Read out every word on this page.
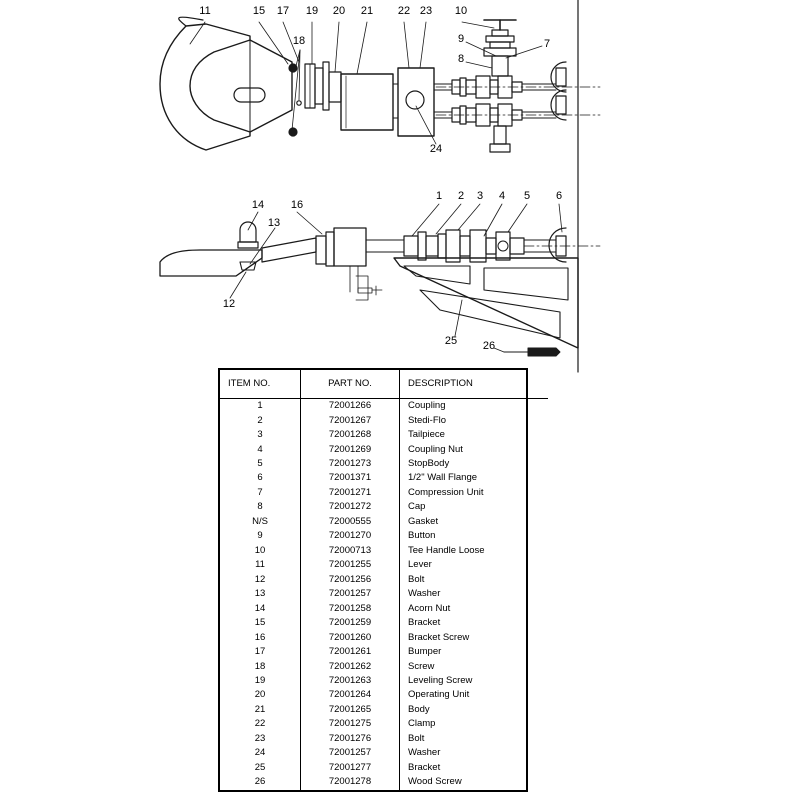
11	15 17 19 20 21 22 23 10
9	7
8
18
24
14 16
13
1 2 3 4 5 6
12
25 26
ITEM NO.	PART NO.	DESCRIPTION
1	72001266	Coupling
2	72001267	Stedi-Flo
3	72001268	Tailpiece
4	72001269	Coupling Nut
5	72001273	StopBody
6	72001371	1/2" Wall Flange
7	72001271	Compression Unit
8	72001272	Cap
N/S	72000555	Gasket
9	72001270	Button
10	72000713	Tee Handle Loose
11	72001255	Lever
12	72001256	Bolt
13	72001257	Washer
14	72001258	Acorn Nut
15	72001259	Bracket
16	72001260	Bracket Screw
17	72001261	Bumper
18	72001262	Screw
19	72001263	Leveling Screw
20	72001264	Operating Unit
21	72001265	Body
22	72001275	Clamp
23	72001276	Bolt
24	72001257	Washer
25	72001277	Bracket
26	72001278	Wood Screw
